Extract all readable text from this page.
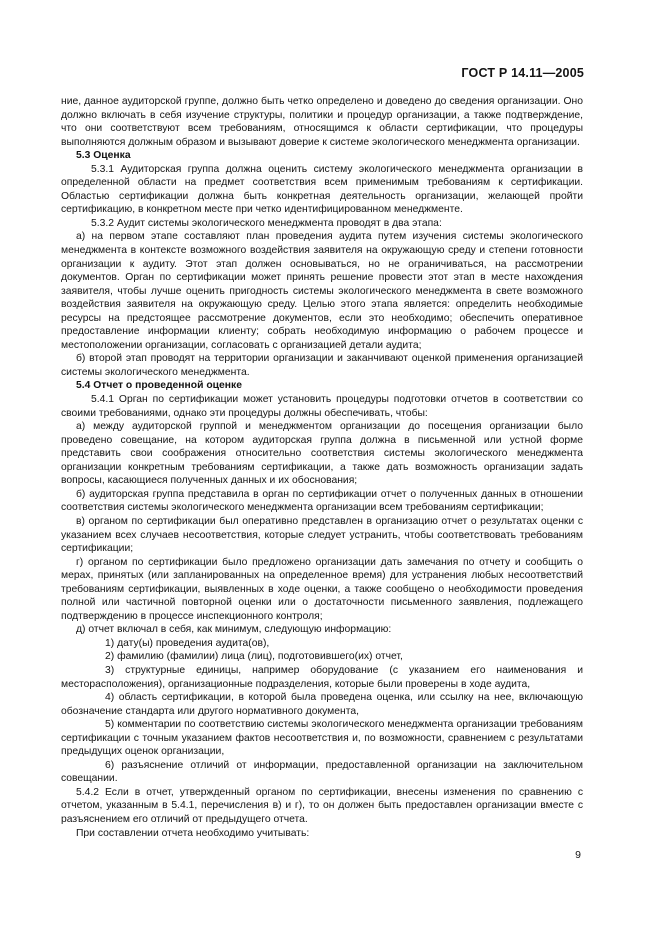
ГОСТ Р 14.11—2005

ние, данное аудиторской группе, должно быть четко определено и доведено до сведения организации. Оно должно включать в себя изучение структуры, политики и процедур организации, а также подтверждение, что они соответствуют всем требованиям, относящимся к области сертификации, что процедуры выполняются должным образом и вызывают доверие к системе экологического менеджмента организации.

5.3 Оценка

5.3.1 Аудиторская группа должна оценить систему экологического менеджмента организации в определенной области на предмет соответствия всем применимым требованиям к сертификации. Областью сертификации должна быть конкретная деятельность организации, желающей пройти сертификацию, в конкретном месте при четко идентифицированном менеджменте.

5.3.2 Аудит системы экологического менеджмента проводят в два этапа:

а) на первом этапе составляют план проведения аудита путем изучения системы экологического менеджмента в контексте возможного воздействия заявителя на окружающую среду и степени готовности организации к аудиту. Этот этап должен основываться, но не ограничиваться, на рассмотрении документов. Орган по сертификации может принять решение провести этот этап в месте нахождения заявителя, чтобы лучше оценить пригодность системы экологического менеджмента в свете возможного воздействия заявителя на окружающую среду. Целью этого этапа является: определить необходимые ресурсы на предстоящее рассмотрение документов, если это необходимо; обеспечить оперативное предоставление информации клиенту; собрать необходимую информацию о рабочем процессе и местоположении организации, согласовать с организацией детали аудита;

б) второй этап проводят на территории организации и заканчивают оценкой применения организацией системы экологического менеджмента.

5.4 Отчет о проведенной оценке

5.4.1 Орган по сертификации может установить процедуры подготовки отчетов в соответствии со своими требованиями, однако эти процедуры должны обеспечивать, чтобы:

а) между аудиторской группой и менеджментом организации до посещения организации было проведено совещание, на котором аудиторская группа должна в письменной или устной форме представить свои соображения относительно соответствия системы экологического менеджмента организации конкретным требованиям сертификации, а также дать возможность организации задать вопросы, касающиеся полученных данных и их обоснования;

б) аудиторская группа представила в орган по сертификации отчет о полученных данных в отношении соответствия системы экологического менеджмента организации всем требованиям сертификации;

в) органом по сертификации был оперативно представлен в организацию отчет о результатах оценки с указанием всех случаев несоответствия, которые следует устранить, чтобы соответствовать требованиям сертификации;

г) органом по сертификации было предложено организации дать замечания по отчету и сообщить о мерах, принятых (или запланированных на определенное время) для устранения любых несоответствий требованиям сертификации, выявленных в ходе оценки, а также сообщено о необходимости проведения полной или частичной повторной оценки или о достаточности письменного заявления, подлежащего подтверждению в процессе инспекционного контроля;

д) отчет включал в себя, как минимум, следующую информацию:

1) дату(ы) проведения аудита(ов),

2) фамилию (фамилии) лица (лиц), подготовившего(их) отчет,

3) структурные единицы, например оборудование (с указанием его наименования и месторасположения), организационные подразделения, которые были проверены в ходе аудита,

4) область сертификации, в которой была проведена оценка, или ссылку на нее, включающую обозначение стандарта или другого нормативного документа,

5) комментарии по соответствию системы экологического менеджмента организации требованиям сертификации с точным указанием фактов несоответствия и, по возможности, сравнением с результатами предыдущих оценок организации,

6) разъяснение отличий от информации, предоставленной организации на заключительном совещании.

5.4.2 Если в отчет, утвержденный органом по сертификации, внесены изменения по сравнению с отчетом, указанным в 5.4.1, перечисления в) и г), то он должен быть предоставлен организации вместе с разъяснением его отличий от предыдущего отчета.

При составлении отчета необходимо учитывать:

9
